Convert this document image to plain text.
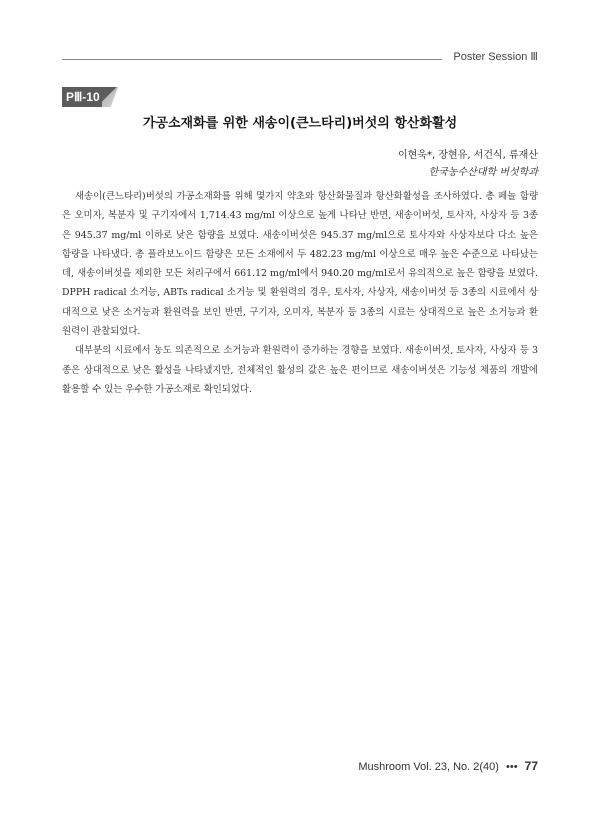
Poster Session Ⅲ
PⅢ-10
가공소재화를 위한 새송이(큰느타리)버섯의 항산화활성
이현욱*, 장현유, 서건식, 류재산
한국농수산대학 버섯학과

새송이(큰느타리)버섯의 가공소재화를 위해 몇가지 약초와 항산화물질과 항산화활성을 조사하였다. 총 페놀 함량은 오미자, 복분자 및 구기자에서 1,714.43 mg/ml 이상으로 높게 나타난 반면, 새송이버섯, 토사자, 사상자 등 3종은 945.37 mg/ml 이하로 낮은 함량을 보였다. 새송이버섯은 945.37 mg/ml으로 토사자와 사상자보다 다소 높은 함량을 나타냈다. 총 플라보노이드 함량은 모든 소재에서 두 482.23 mg/ml 이상으로 매우 높은 수준으로 나타났는데, 새송이버섯을 제외한 모든 처리구에서 661.12 mg/ml에서 940.20 mg/ml로서 유의적으로 높은 함량을 보였다. DPPH radical 소거능, ABTs radical 소거능 및 환원력의 경우, 토사자, 사상자, 새송이버섯 등 3종의 시료에서 상대적으로 낮은 소거능과 환원력을 보인 반면, 구기자, 오미자, 복분자 등 3종의 시료는 상대적으로 높은 소거능과 환원력이 관찰되었다.

대부분의 시료에서 농도 의존적으로 소거능과 환원력이 증가하는 경향을 보였다. 새송이버섯, 토사자, 사상자 등 3종은 상대적으로 낮은 활성을 나타냈지만, 전체적인 활성의 값은 높은 편이므로 새송이버섯은 기능성 제품의 개발에 활용할 수 있는 우수한 가공소재로 확인되었다.

Mushroom Vol. 23, No. 2(40) ••• 77
